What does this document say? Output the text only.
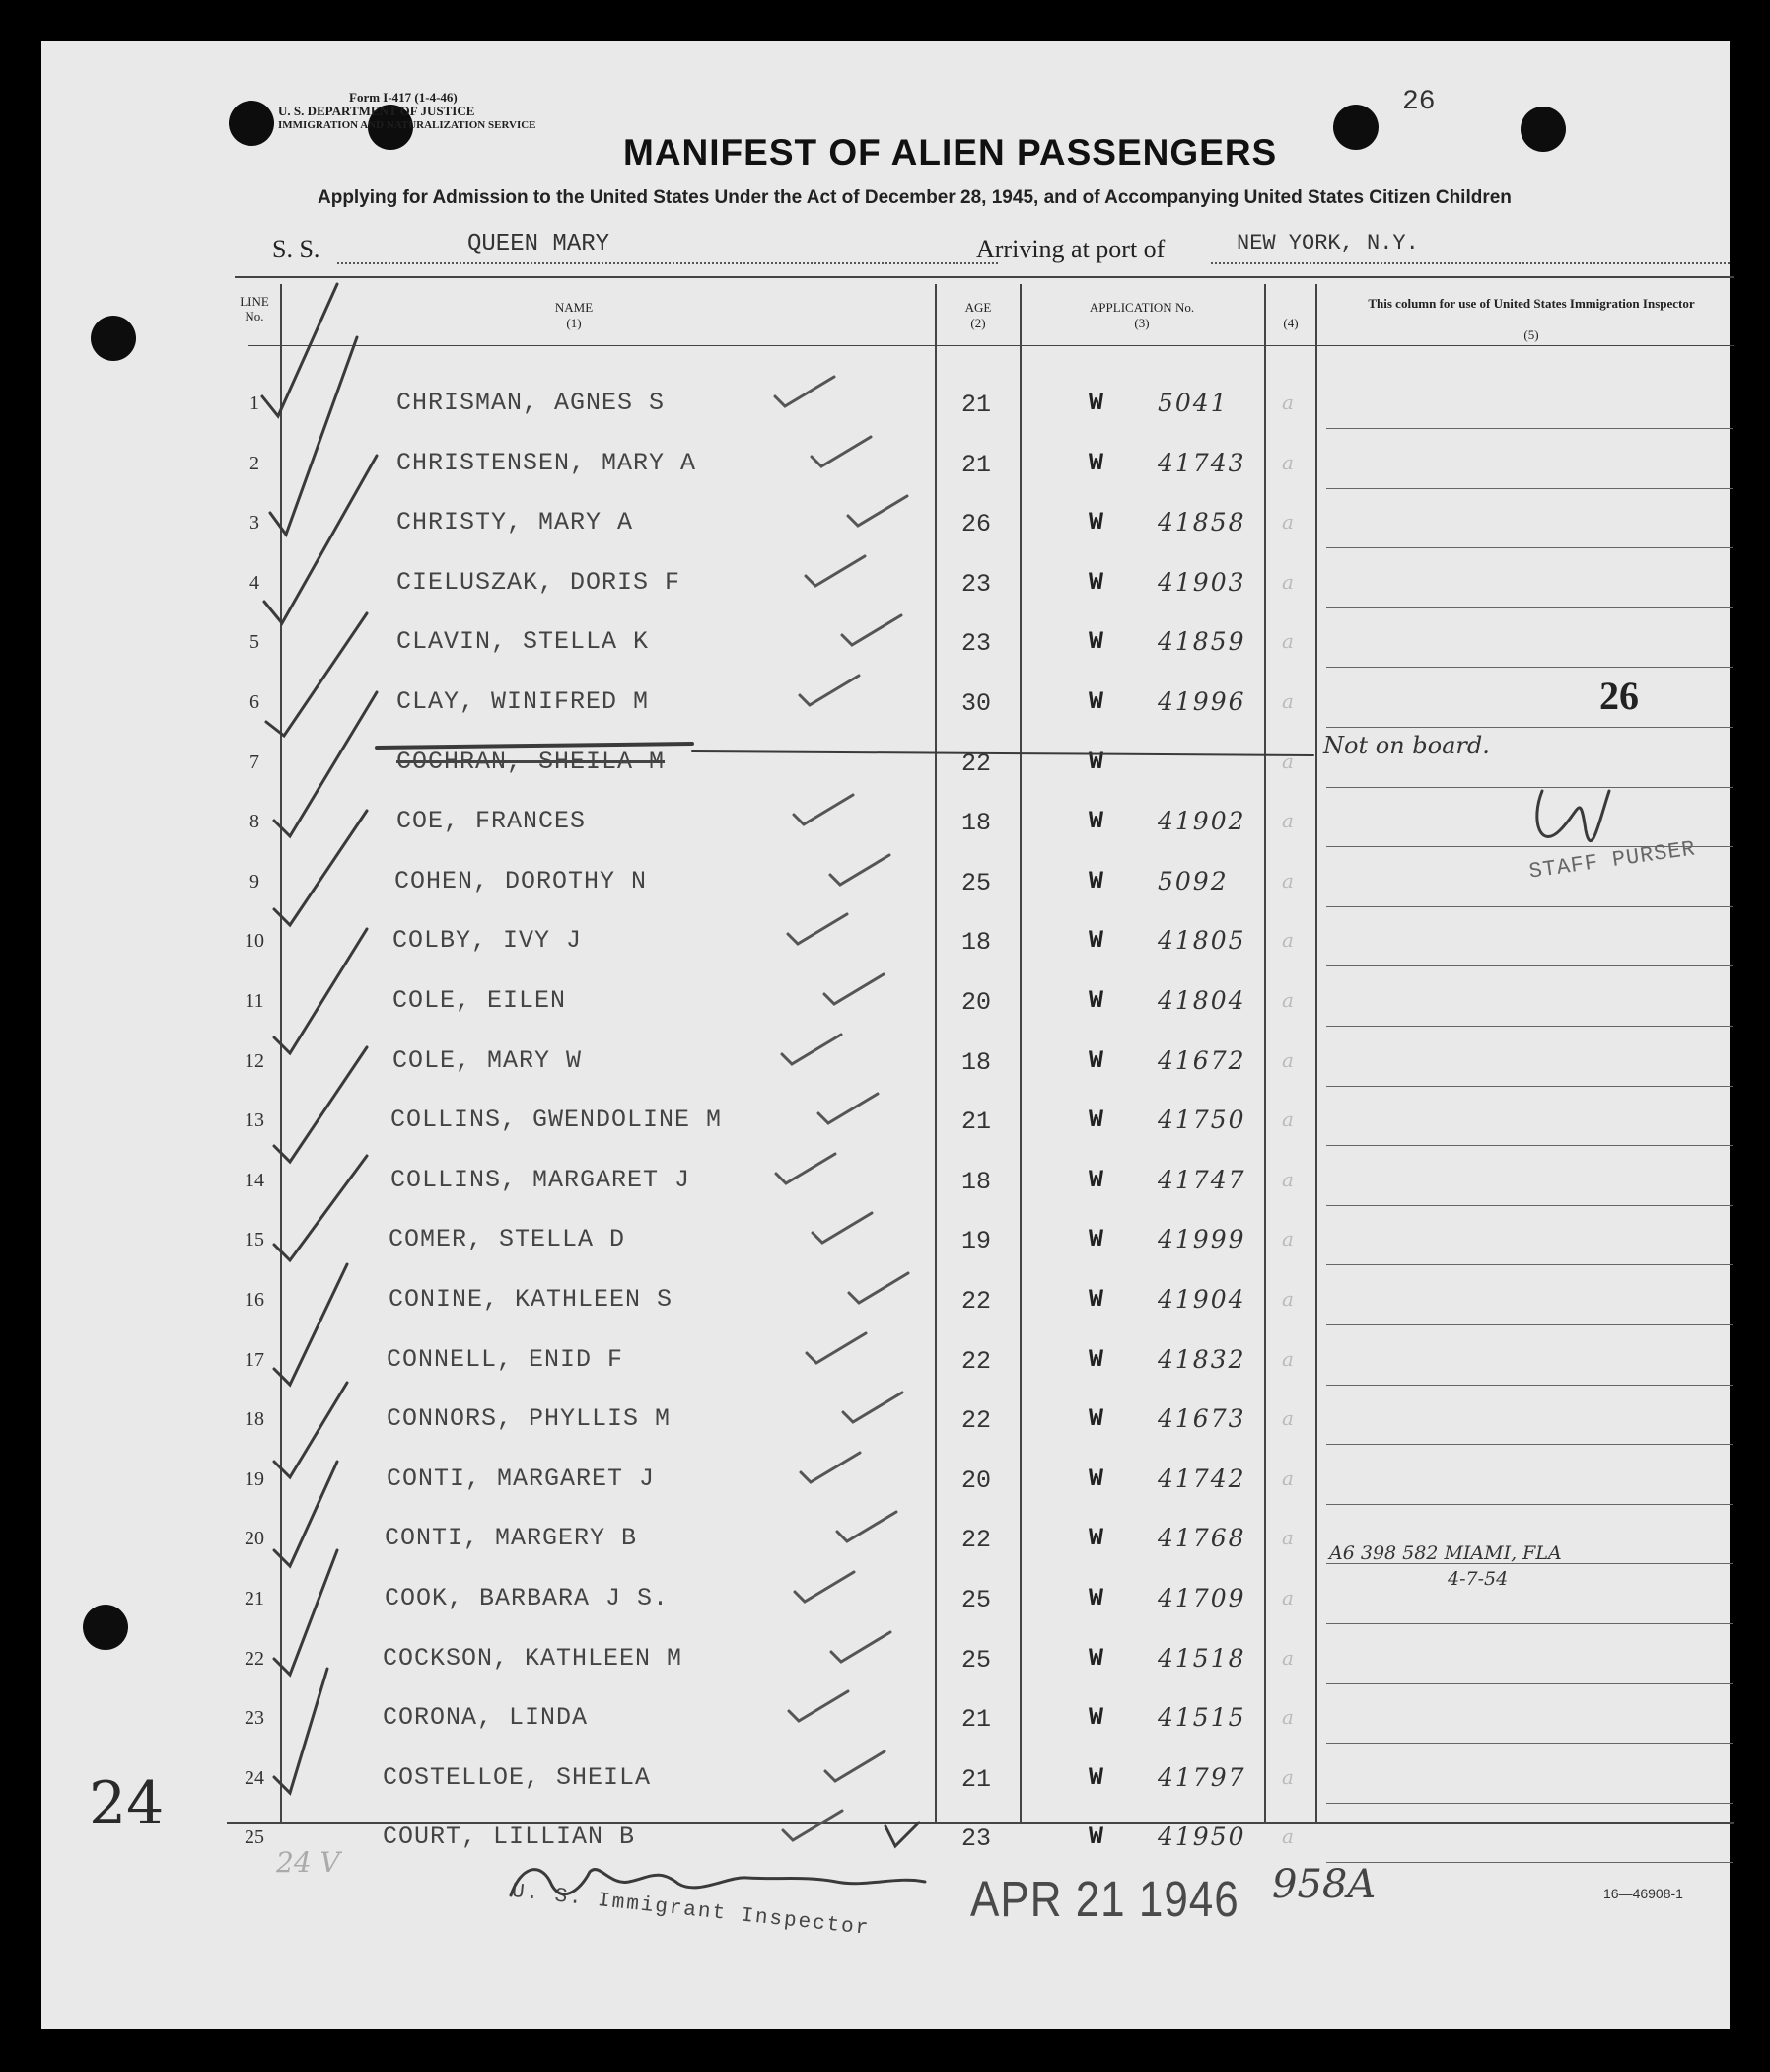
Form I-417 (1-4-46)
U. S. DEPARTMENT OF JUSTICE
IMMIGRATION AND NATURALIZATION SERVICE
26
MANIFEST OF ALIEN PASSENGERS
Applying for Admission to the United States Under the Act of December 28, 1945, and of Accompanying United States Citizen Children
S. S.	QUEEN MARY	Arriving at port of	NEW YORK, N.Y.
LINE No.
NAME
(1)
AGE
(2)
APPLICATION No.
(3)	(4)
This column for use of United States Immigration Inspector
(5)
1	CHRISMAN, AGNES S	21	W 5041	a
2	CHRISTENSEN, MARY A	21	W 41743 a
3	CHRISTY, MARY A	26	W 41858 a
4	CIELUSZAK, DORIS F	23	W 41903 a
5	CLAVIN, STELLA K	23	W 41859 a
6	CLAY, WINIFRED M	30	W 41996 a
7	COCHRAN, SHEILA M	22	W	a
8	COE, FRANCES	18	W 41902 a
9	COHEN, DOROTHY N	25	W 5092	a
10	COLBY, IVY J	18	W 41805 a
11	COLE, EILEN	20	W 41804 a
12	COLE, MARY W	18	W 41672 a
13	COLLINS, GWENDOLINE M	21	W 41750 a
14	COLLINS, MARGARET J	18	W 41747 a
15	COMER, STELLA D	19	W 41999 a
16	CONINE, KATHLEEN S	22	W 41904 a
17	CONNELL, ENID F	22	W 41832 a
18	CONNORS, PHYLLIS M	22	W 41673 a
19	CONTI, MARGARET J	20	W 41742 a
20	CONTI, MARGERY B	22	W 41768 a
21	COOK, BARBARA J S.	25	W 41709 a
22	COCKSON, KATHLEEN M	25	W 41518 a
23	CORONA, LINDA	21	W 41515 a
24	COSTELLOE, SHEILA	21	W 41797 a
25	COURT, LILLIAN B	23	W 41950 a
26
Not on board.
STAFF PURSER
A6 398 582 MIAMI, FLA
4-7-54
24
24 V
U. S. Immigrant Inspector APR 21 1946 958A	16—46908-1
